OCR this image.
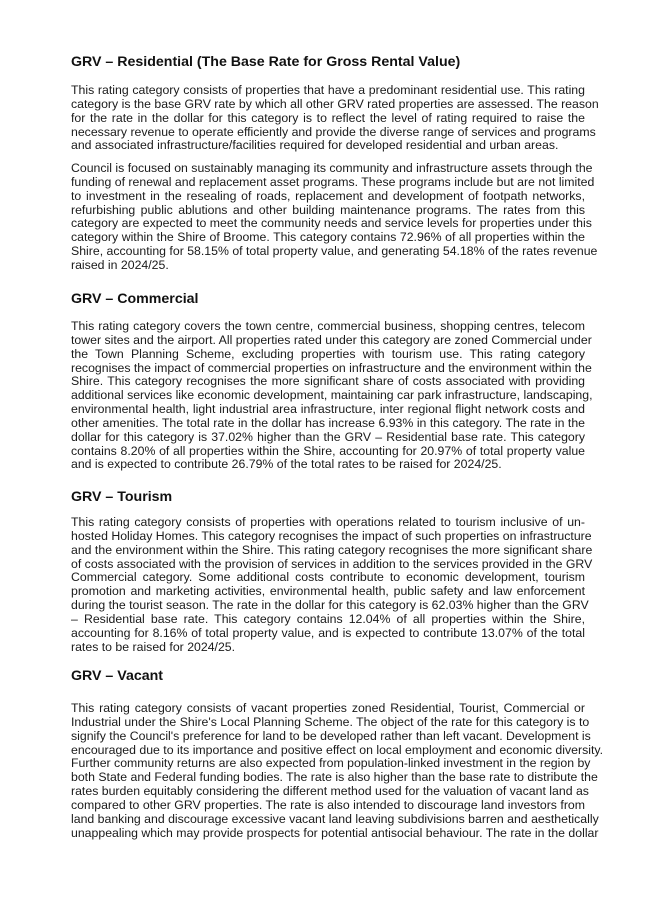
GRV – Residential (The Base Rate for Gross Rental Value)
This rating category consists of properties that have a predominant residential use. This rating
category is the base GRV rate by which all other GRV rated properties are assessed. The reason
for the rate in the dollar for this category is to reflect the level of rating required to raise the
necessary revenue to operate efficiently and provide the diverse range of services and programs
and associated infrastructure/facilities required for developed residential and urban areas.
Council is focused on sustainably managing its community and infrastructure assets through the
funding of renewal and replacement asset programs. These programs include but are not limited
to investment in the resealing of roads, replacement and development of footpath networks,
refurbishing public ablutions and other building maintenance programs. The rates from this
category are expected to meet the community needs and service levels for properties under this
category within the Shire of Broome. This category contains 72.96% of all properties within the
Shire, accounting for 58.15% of total property value, and generating 54.18% of the rates revenue
raised in 2024/25.
GRV – Commercial
This rating category covers the town centre, commercial business, shopping centres, telecom
tower sites and the airport. All properties rated under this category are zoned Commercial under
the Town Planning Scheme, excluding properties with tourism use. This rating category
recognises the impact of commercial properties on infrastructure and the environment within the
Shire. This category recognises the more significant share of costs associated with providing
additional services like economic development, maintaining car park infrastructure, landscaping,
environmental health, light industrial area infrastructure, inter regional flight network costs and
other amenities. The total rate in the dollar has increase 6.93% in this category. The rate in the
dollar for this category is 37.02% higher than the GRV – Residential base rate. This category
contains 8.20% of all properties within the Shire, accounting for 20.97% of total property value
and is expected to contribute 26.79% of the total rates to be raised for 2024/25.
GRV – Tourism
This rating category consists of properties with operations related to tourism inclusive of un-
hosted Holiday Homes. This category recognises the impact of such properties on infrastructure
and the environment within the Shire. This rating category recognises the more significant share
of costs associated with the provision of services in addition to the services provided in the GRV
Commercial category. Some additional costs contribute to economic development, tourism
promotion and marketing activities, environmental health, public safety and law enforcement
during the tourist season. The rate in the dollar for this category is 62.03% higher than the GRV
– Residential base rate. This category contains 12.04% of all properties within the Shire,
accounting for 8.16% of total property value, and is expected to contribute 13.07% of the total
rates to be raised for 2024/25.
GRV – Vacant
This rating category consists of vacant properties zoned Residential, Tourist, Commercial or
Industrial under the Shire's Local Planning Scheme. The object of the rate for this category is to
signify the Council's preference for land to be developed rather than left vacant. Development is
encouraged due to its importance and positive effect on local employment and economic diversity.
Further community returns are also expected from population-linked investment in the region by
both State and Federal funding bodies. The rate is also higher than the base rate to distribute the
rates burden equitably considering the different method used for the valuation of vacant land as
compared to other GRV properties. The rate is also intended to discourage land investors from
land banking and discourage excessive vacant land leaving subdivisions barren and aesthetically
unappealing which may provide prospects for potential antisocial behaviour. The rate in the dollar
